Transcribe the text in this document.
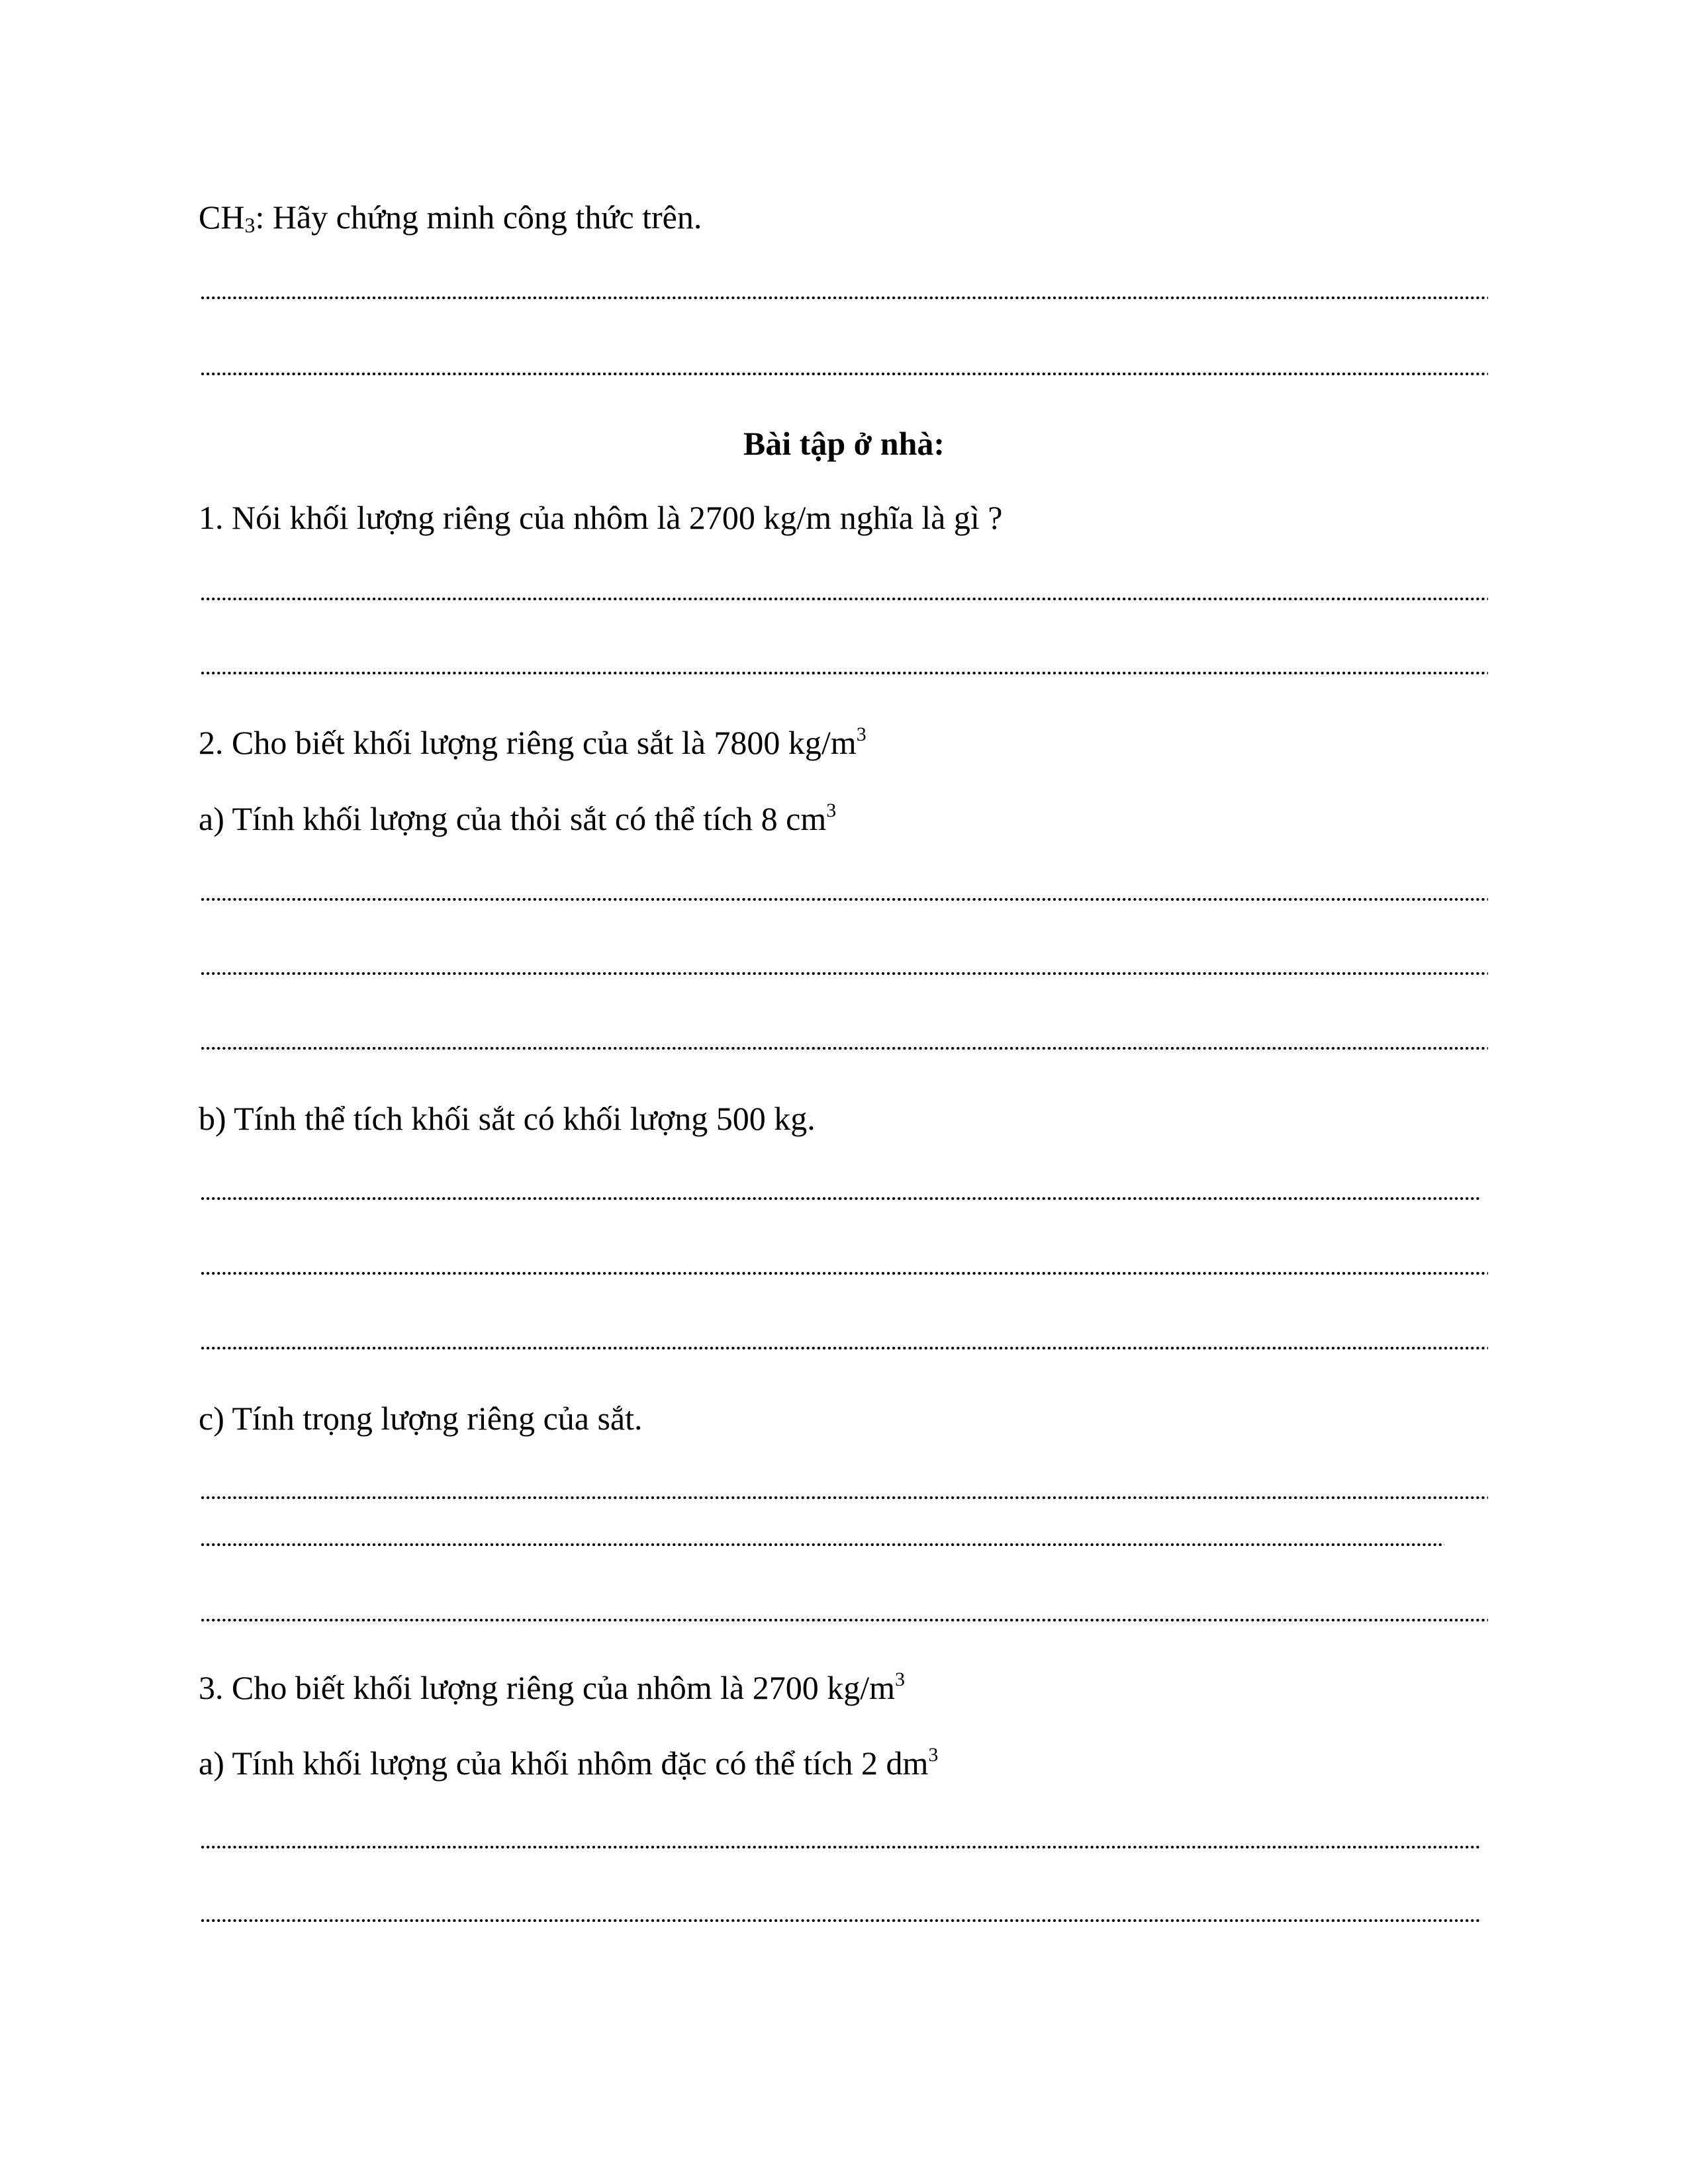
$CH_3$: Hãy chứng minh công thức trên.
Bài tập ở nhà:
1. Nói khối lượng riêng của nhôm là 2700 kg/m nghĩa là gì ?
2. Cho biết khối lượng riêng của sắt là 7800 $kg/m^3$
a) Tính khối lượng của thỏi sắt có thể tích 8 $cm^3$
b) Tính thể tích khối sắt có khối lượng 500 kg.
c) Tính trọng lượng riêng của sắt.
3. Cho biết khối lượng riêng của nhôm là 2700 $kg/m^3$
a) Tính khối lượng của khối nhôm đặc có thể tích 2 $dm^3$
